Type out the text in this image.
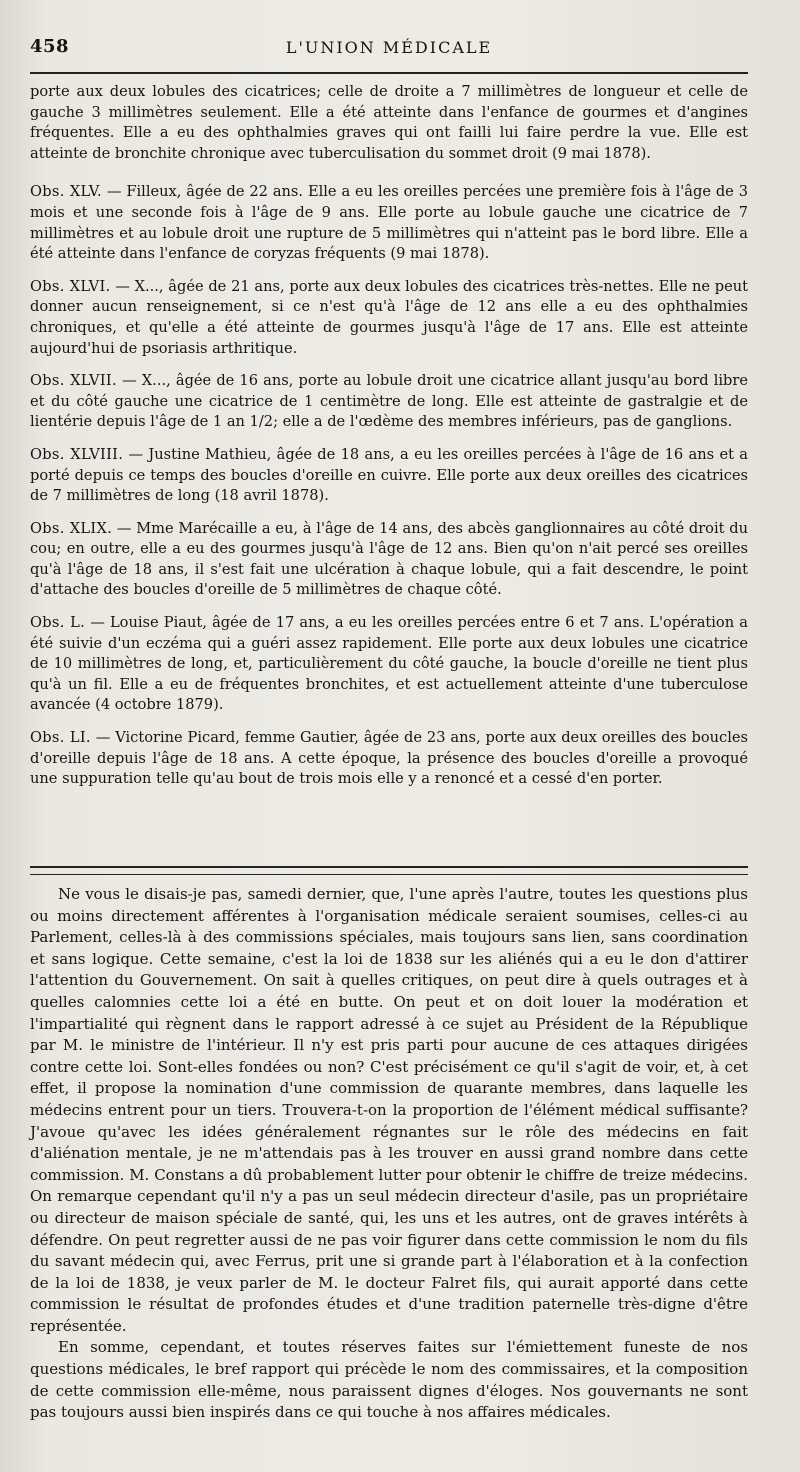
458	L'UNION MÉDICALE

porte aux deux lobules des cicatrices; celle de droite a 7 millimètres de longueur et celle de gauche 3 millimètres seulement. Elle a été atteinte dans l'enfance de gourmes et d'angines fréquentes. Elle a eu des ophthalmies graves qui ont failli lui faire perdre la vue. Elle est atteinte de bronchite chronique avec tuberculisation du sommet droit (9 mai 1878).

Obs. XLV. — Filleux, âgée de 22 ans. Elle a eu les oreilles percées une première fois à l'âge de 3 mois et une seconde fois à l'âge de 9 ans. Elle porte au lobule gauche une cicatrice de 7 millimètres et au lobule droit une rupture de 5 millimètres qui n'atteint pas le bord libre. Elle a été atteinte dans l'enfance de coryzas fréquents (9 mai 1878).

Obs. XLVI. — X..., âgée de 21 ans, porte aux deux lobules des cicatrices très-nettes. Elle ne peut donner aucun renseignement, si ce n'est qu'à l'âge de 12 ans elle a eu des ophthalmies chroniques, et qu'elle a été atteinte de gourmes jusqu'à l'âge de 17 ans. Elle est atteinte aujourd'hui de psoriasis arthritique.

Obs. XLVII. — X..., âgée de 16 ans, porte au lobule droit une cicatrice allant jusqu'au bord libre et du côté gauche une cicatrice de 1 centimètre de long. Elle est atteinte de gastralgie et de lientérie depuis l'âge de 1 an 1/2; elle a de l'œdème des membres inférieurs, pas de ganglions.

Obs. XLVIII. — Justine Mathieu, âgée de 18 ans, a eu les oreilles percées à l'âge de 16 ans et a porté depuis ce temps des boucles d'oreille en cuivre. Elle porte aux deux oreilles des cicatrices de 7 millimètres de long (18 avril 1878).

Obs. XLIX. — Mme Marécaille a eu, à l'âge de 14 ans, des abcès ganglionnaires au côté droit du cou; en outre, elle a eu des gourmes jusqu'à l'âge de 12 ans. Bien qu'on n'ait percé ses oreilles qu'à l'âge de 18 ans, il s'est fait une ulcération à chaque lobule, qui a fait descendre, le point d'attache des boucles d'oreille de 5 millimètres de chaque côté.

Obs. L. — Louise Piaut, âgée de 17 ans, a eu les oreilles percées entre 6 et 7 ans. L'opération a été suivie d'un eczéma qui a guéri assez rapidement. Elle porte aux deux lobules une cicatrice de 10 millimètres de long, et, particulièrement du côté gauche, la boucle d'oreille ne tient plus qu'à un fil. Elle a eu de fréquentes bronchites, et est actuellement atteinte d'une tuberculose avancée (4 octobre 1879).

Obs. LI. — Victorine Picard, femme Gautier, âgée de 23 ans, porte aux deux oreilles des boucles d'oreille depuis l'âge de 18 ans. A cette époque, la présence des boucles d'oreille a provoqué une suppuration telle qu'au bout de trois mois elle y a renoncé et a cessé d'en porter.

Ne vous le disais-je pas, samedi dernier, que, l'une après l'autre, toutes les questions plus ou moins directement afférentes à l'organisation médicale seraient soumises, celles-ci au Parlement, celles-là à des commissions spéciales, mais toujours sans lien, sans coordination et sans logique. Cette semaine, c'est la loi de 1838 sur les aliénés qui a eu le don d'attirer l'attention du Gouvernement. On sait à quelles critiques, on peut dire à quels outrages et à quelles calomnies cette loi a été en butte. On peut et on doit louer la modération et l'impartialité qui règnent dans le rapport adressé à ce sujet au Président de la République par M. le ministre de l'intérieur. Il n'y est pris parti pour aucune de ces attaques dirigées contre cette loi. Sont-elles fondées ou non? C'est précisément ce qu'il s'agit de voir, et, à cet effet, il propose la nomination d'une commission de quarante membres, dans laquelle les médecins entrent pour un tiers. Trouvera-t-on la proportion de l'élément médical suffisante? J'avoue qu'avec les idées généralement régnantes sur le rôle des médecins en fait d'aliénation mentale, je ne m'attendais pas à les trouver en aussi grand nombre dans cette commission. M. Constans a dû probablement lutter pour obtenir le chiffre de treize médecins. On remarque cependant qu'il n'y a pas un seul médecin directeur d'asile, pas un propriétaire ou directeur de maison spéciale de santé, qui, les uns et les autres, ont de graves intérêts à défendre. On peut regretter aussi de ne pas voir figurer dans cette commission le nom du fils du savant médecin qui, avec Ferrus, prit une si grande part à l'élaboration et à la confection de la loi de 1838, je veux parler de M. le docteur Falret fils, qui aurait apporté dans cette commission le résultat de profondes études et d'une tradition paternelle très-digne d'être représentée.

En somme, cependant, et toutes réserves faites sur l'émiettement funeste de nos questions médicales, le bref rapport qui précède le nom des commissaires, et la composition de cette commission elle-même, nous paraissent dignes d'éloges. Nos gouvernants ne sont pas toujours aussi bien inspirés dans ce qui touche à nos affaires médicales.
